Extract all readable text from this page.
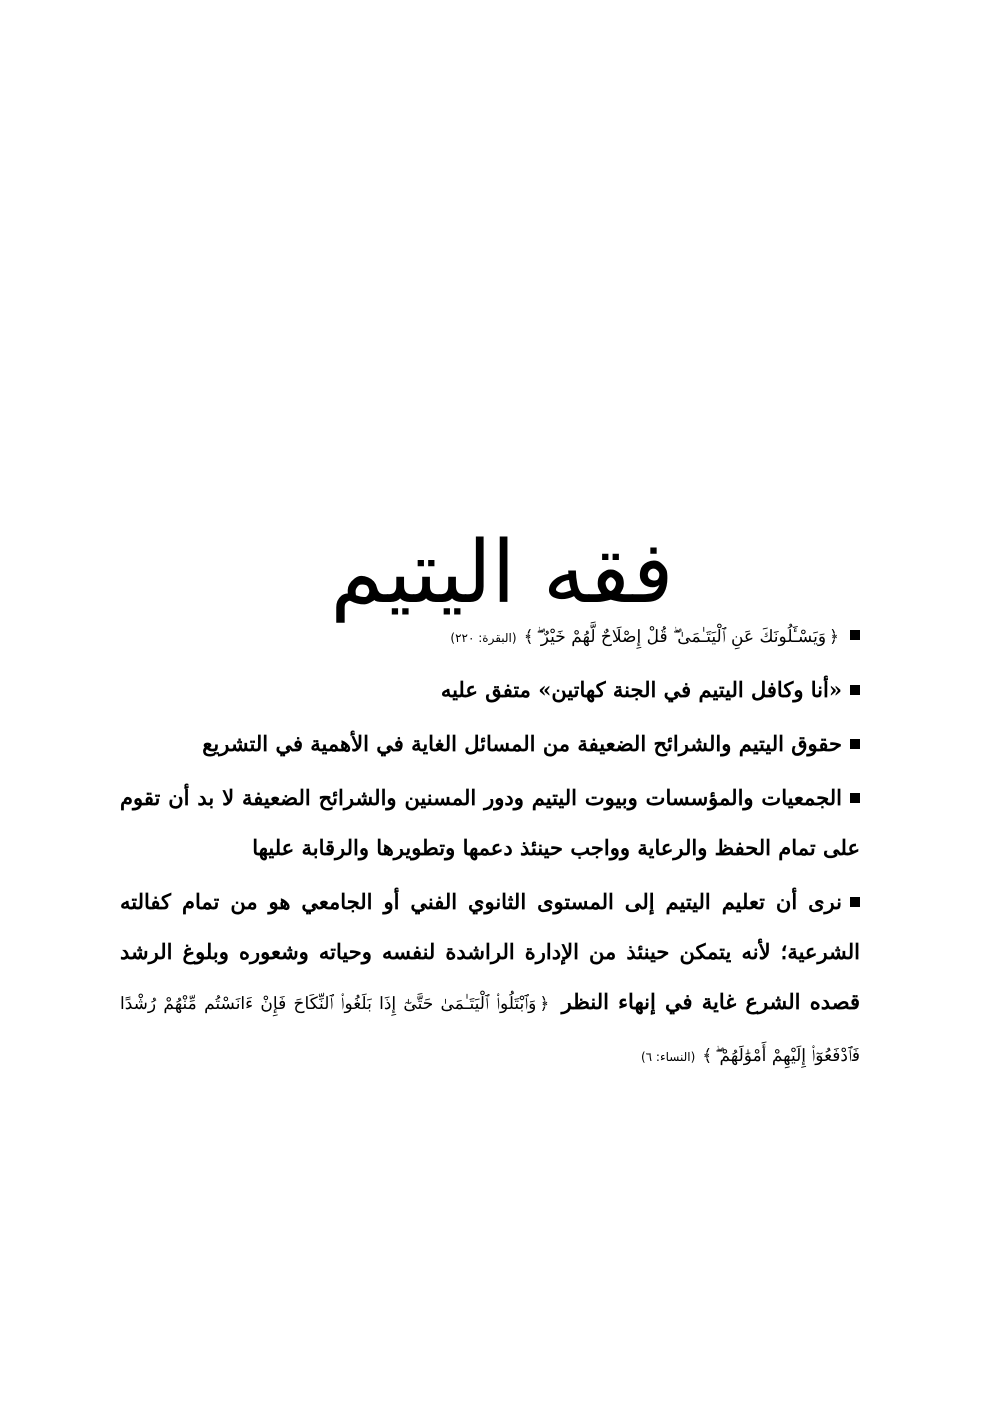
فقه اليتيم

﴿وَيَسْـَٔلُونَكَ عَنِ ٱلْيَتَـٰمَىٰ ۖ قُلْ إِصْلَاحٌ لَّهُمْ خَيْرٌ ۖ﴾(البقرة: ٢٢٠)

«أنا وكافل اليتيم في الجنة كهاتين» متفق عليه

حقوق اليتيم والشرائح الضعيفة من المسائل الغاية في الأهمية في التشريع

الجمعيات والمؤسسات وبيوت اليتيم ودور المسنين والشرائح الضعيفة لا بد أن تقوم على تمام الحفظ والرعاية وواجب حينئذ دعمها وتطويرها والرقابة عليها

نرى أن تعليم اليتيم إلى المستوى الثانوي الفني أو الجامعي هو من تمام كفالته الشرعية؛ لأنه يتمكن حينئذ من الإدارة الراشدة لنفسه وحياته وشعوره وبلوغ الرشد قصده الشرع غاية في إنهاء النظر ﴿وَٱبْتَلُوا۟ ٱلْيَتَـٰمَىٰ حَتَّىٰٓ إِذَا بَلَغُوا۟ ٱلنِّكَاحَ فَإِنْ ءَانَسْتُم مِّنْهُمْ رُشْدًا فَٱدْفَعُوٓا۟ إِلَيْهِمْ أَمْوَٰلَهُمْ ۖ﴾(النساء: ٦)
